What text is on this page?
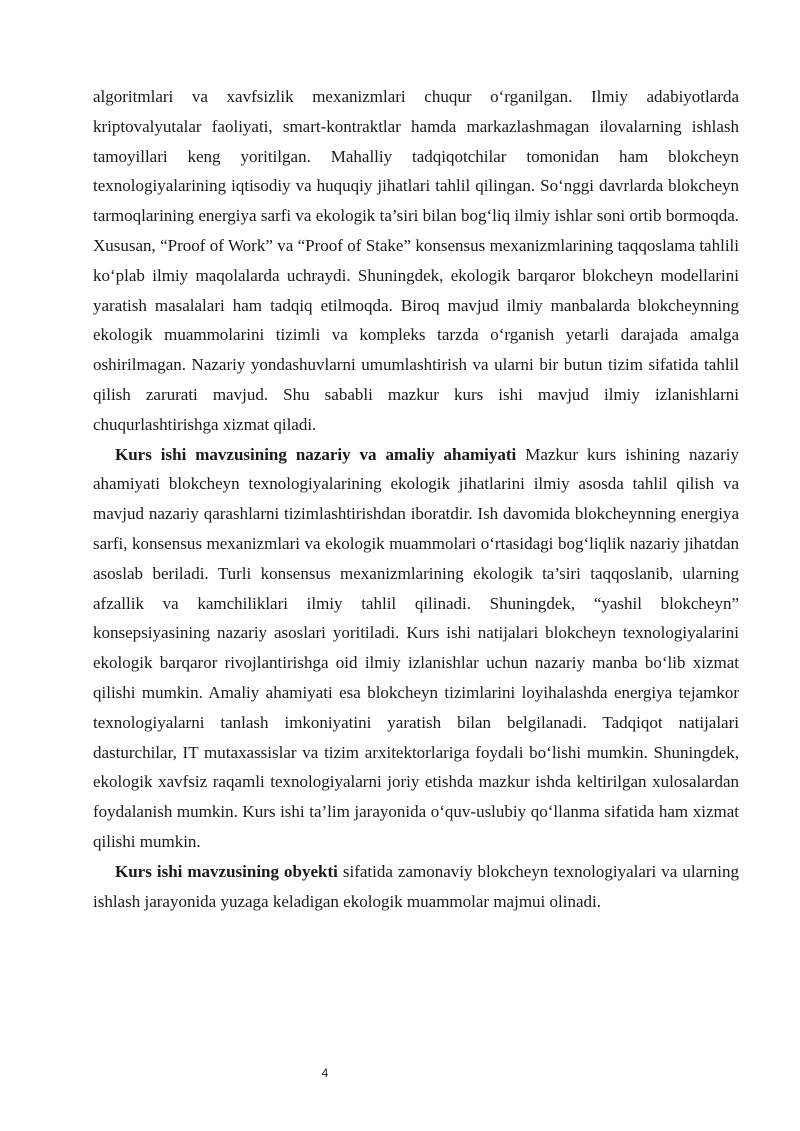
algoritmlari va xavfsizlik mexanizmlari chuqur o‘rganilgan. Ilmiy adabiyotlarda kriptovalyutalar faoliyati, smart-kontraktlar hamda markazlashmagan ilovalarning ishlash tamoyillari keng yoritilgan. Mahalliy tadqiqotchilar tomonidan ham blokcheyn texnologiyalarining iqtisodiy va huquqiy jihatlari tahlil qilingan. So‘nggi davrlarda blokcheyn tarmoqlarining energiya sarfi va ekologik ta’siri bilan bog‘liq ilmiy ishlar soni ortib bormoqda. Xususan, “Proof of Work” va “Proof of Stake” konsensus mexanizmlarining taqqoslama tahlili ko‘plab ilmiy maqolalarda uchraydi. Shuningdek, ekologik barqaror blokcheyn modellarini yaratish masalalari ham tadqiq etilmoqda. Biroq mavjud ilmiy manbalarda blokcheynning ekologik muammolarini tizimli va kompleks tarzda o‘rganish yetarli darajada amalga oshirilmagan. Nazariy yondashuvlarni umumlashtirish va ularni bir butun tizim sifatida tahlil qilish zarurati mavjud. Shu sababli mazkur kurs ishi mavjud ilmiy izlanishlarni chuqurlashtirishga xizmat qiladi.

Kurs ishi mavzusining nazariy va amaliy ahamiyati Mazkur kurs ishining nazariy ahamiyati blokcheyn texnologiyalarining ekologik jihatlarini ilmiy asosda tahlil qilish va mavjud nazariy qarashlarni tizimlashtirishdan iboratdir. Ish davomida blokcheynning energiya sarfi, konsensus mexanizmlari va ekologik muammolari o‘rtasidagi bog‘liqlik nazariy jihatdan asoslab beriladi. Turli konsensus mexanizmlarining ekologik ta’siri taqqoslanib, ularning afzallik va kamchiliklari ilmiy tahlil qilinadi. Shuningdek, “yashil blokcheyn” konsepsiyasining nazariy asoslari yoritiladi. Kurs ishi natijalari blokcheyn texnologiyalarini ekologik barqaror rivojlantirishga oid ilmiy izlanishlar uchun nazariy manba bo‘lib xizmat qilishi mumkin. Amaliy ahamiyati esa blokcheyn tizimlarini loyihalashda energiya tejamkor texnologiyalarni tanlash imkoniyatini yaratish bilan belgilanadi. Tadqiqot natijalari dasturchilar, IT mutaxassislar va tizim arxitektorlariga foydali bo‘lishi mumkin. Shuningdek, ekologik xavfsiz raqamli texnologiyalarni joriy etishda mazkur ishda keltirilgan xulosalardan foydalanish mumkin. Kurs ishi ta’lim jarayonida o‘quv-uslubiy qo‘llanma sifatida ham xizmat qilishi mumkin.

Kurs ishi mavzusining obyekti sifatida zamonaviy blokcheyn texnologiyalari va ularning ishlash jarayonida yuzaga keladigan ekologik muammolar majmui olinadi.

4
